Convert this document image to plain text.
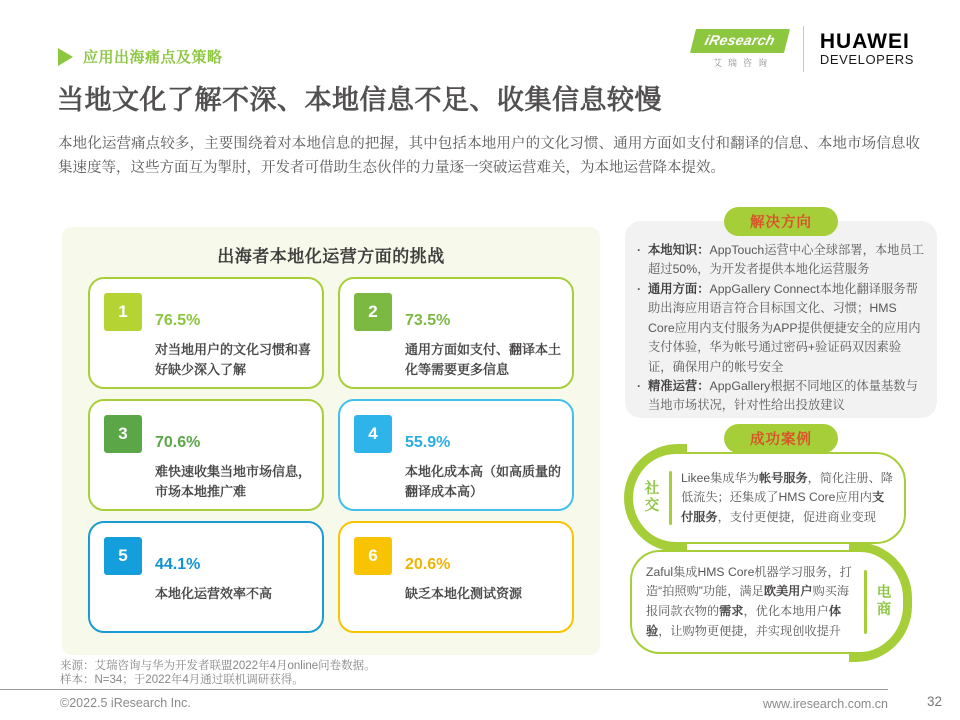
应用出海痛点及策略
iResearch
艾瑞咨询
HUAWEI
DEVELOPERS
当地文化了解不深、本地信息不足、收集信息较慢

本地化运营痛点较多，主要围绕着对本地信息的把握，其中包括本地用户的文化习惯、通用方面如支付和翻译的信息、本地市场信息收集速度等，这些方面互为掣肘，开发者可借助生态伙伴的力量逐一突破运营难关，为本地运营降本提效。

出海者本地化运营方面的挑战
1	76.5%
对当地用户的文化习惯和喜好缺少深入了解
2	73.5%
通用方面如支付、翻译本土化等需要更多信息
3	70.6%
难快速收集当地市场信息，市场本地推广难
4	55.9%
本地化成本高（如高质量的翻译成本高）
5	44.1%
本地化运营效率不高
6	20.6%
缺乏本地化测试资源
解决方向
· 本地知识：AppTouch运营中心全球部署，本地员工超过50%，为开发者提供本地化运营服务
· 通用方面：AppGallery Connect本地化翻译服务帮助出海应用语言符合目标国文化、习惯；HMS Core应用内支付服务为APP提供便捷安全的应用内支付体验，华为帐号通过密码+验证码双因素验证，确保用户的帐号安全
· 精准运营：AppGallery根据不同地区的体量基数与当地市场状况，针对性给出投放建议
成功案例
社交
Likee集成华为帐号服务，简化注册、降低流失；还集成了HMS Core应用内支付服务，支付更便捷，促进商业变现
Zaful集成HMS Core机器学习服务，打造“拍照购”功能，满足欧美用户购买海报同款衣物的需求，优化本地用户体验，让购物更便捷，并实现创收提升
电商
来源：艾瑞咨询与华为开发者联盟2022年4月online问卷数据。
样本：N=34；于2022年4月通过联机调研获得。
©2022.5 iResearch Inc.	www.iresearch.com.cn	32
